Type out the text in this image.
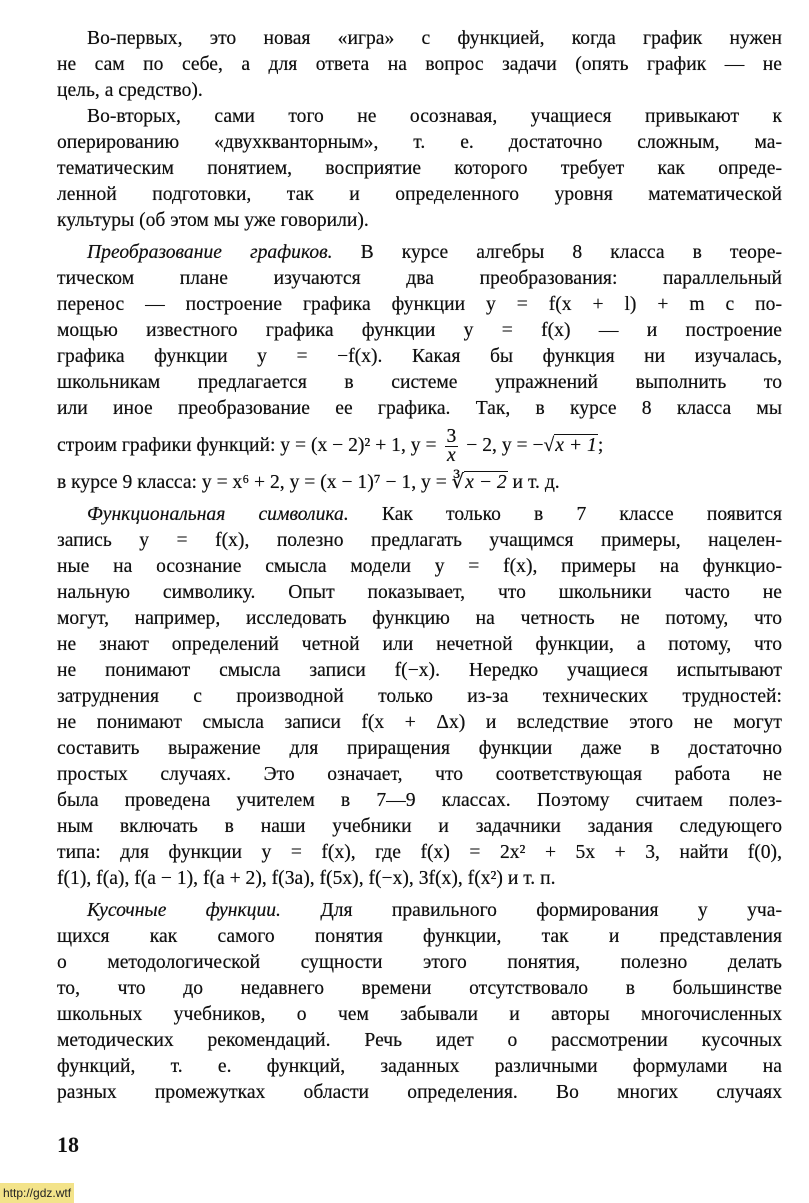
Во-первых, это новая «игра» с функцией, когда график нужен
не сам по себе, а для ответа на вопрос задачи (опять график — не
цель, а средство).
Во-вторых, сами того не осознавая, учащиеся привыкают к
оперированию «двухкванторным», т. е. достаточно сложным, ма-
тематическим понятием, восприятие которого требует как опреде-
ленной подготовки, так и определенного уровня математической
культуры (об этом мы уже говорили).
Преобразование графиков. В курсе алгебры 8 класса в теоре-
тическом плане изучаются два преобразования: параллельный
перенос — построение графика функции y = f(x + l) + m с по-
мощью известного графика функции y = f(x) — и построение
графика функции y = −f(x). Какая бы функция ни изучалась,
школьникам предлагается в системе упражнений выполнить то
или иное преобразование ее графика. Так, в курсе 8 класса мы
строим графики функций: y = (x − 2)² + 1, $y = \frac{3}{x} - 2$, y = −√x + 1;
в курсе 9 класса: y = x⁶ + 2, y = (x − 1)⁷ − 1, y = ∛x − 2 и т. д.
Функциональная символика. Как только в 7 классе появится
запись y = f(x), полезно предлагать учащимся примеры, нацелен-
ные на осознание смысла модели y = f(x), примеры на функцио-
нальную символику. Опыт показывает, что школьники часто не
могут, например, исследовать функцию на четность не потому, что
не знают определений четной или нечетной функции, а потому, что
не понимают смысла записи f(−x). Нередко учащиеся испытывают
затруднения с производной только из-за технических трудностей:
не понимают смысла записи f(x + Δx) и вследствие этого не могут
составить выражение для приращения функции даже в достаточно
простых случаях. Это означает, что соответствующая работа не
была проведена учителем в 7—9 классах. Поэтому считаем полез-
ным включать в наши учебники и задачники задания следующего
типа: для функции y = f(x), где f(x) = 2x² + 5x + 3, найти f(0),
f(1), f(a), f(a − 1), f(a + 2), f(3a), f(5x), f(−x), 3f(x), f(x²) и т. п.
Кусочные функции. Для правильного формирования у уча-
щихся как самого понятия функции, так и представления
о методологической сущности этого понятия, полезно делать
то, что до недавнего времени отсутствовало в большинстве
школьных учебников, о чем забывали и авторы многочисленных
методических рекомендаций. Речь идет о рассмотрении кусочных
функций, т. е. функций, заданных различными формулами на
разных промежутках области определения. Во многих случаях
18
http://gdz.wtf
